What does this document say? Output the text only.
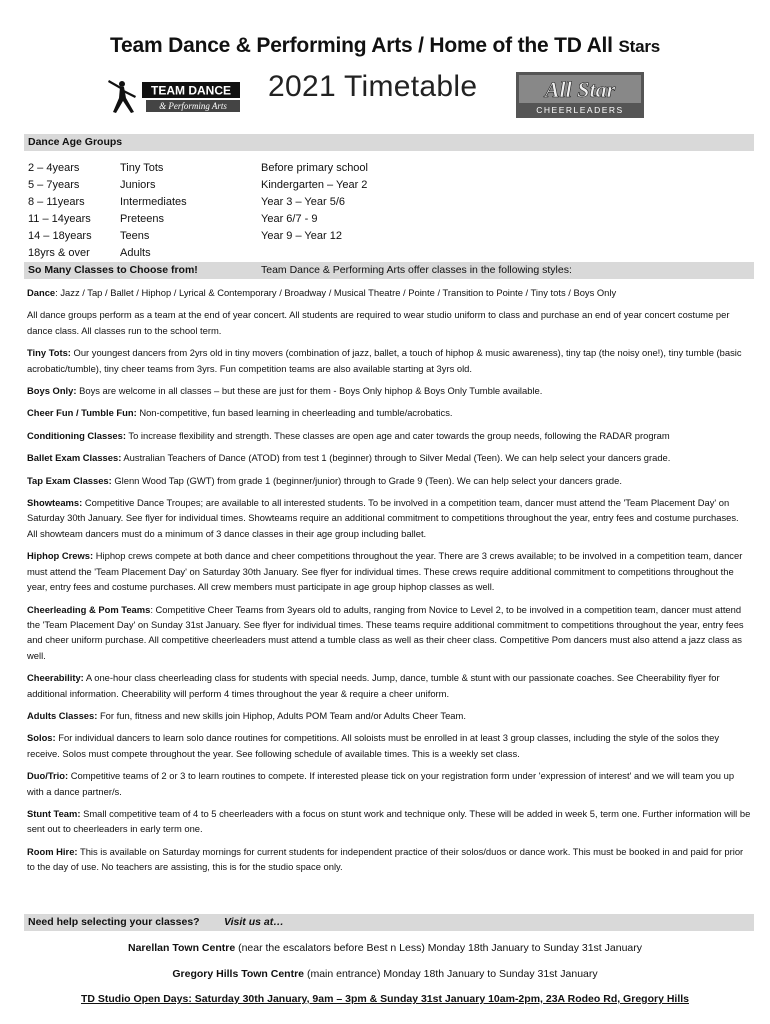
Team Dance & Performing Arts / Home of the TD All Stars
TEAM DANCE
& Performing Arts
2021 Timetable	All Star
CHEERLEADERS
Dance Age Groups
2 – 4years	Tiny Tots	Before primary school
5 – 7years	Juniors	Kindergarten – Year 2
8 – 11years	Intermediates	Year 3 – Year 5/6
11 – 14years	Preteens	Year 6/7 - 9
14 – 18years	Teens	Year 9 – Year 12
18yrs & over	Adults
So Many Classes to Choose from!	Team Dance & Performing Arts offer classes in the following styles:

Dance: Jazz / Tap / Ballet / Hiphop / Lyrical & Contemporary / Broadway / Musical Theatre / Pointe / Transition to Pointe / Tiny tots / Boys Only

All dance groups perform as a team at the end of year concert. All students are required to wear studio uniform to class and purchase an end of year concert costume per dance class. All classes run to the school term.

Tiny Tots: Our youngest dancers from 2yrs old in tiny movers (combination of jazz, ballet, a touch of hiphop & music awareness), tiny tap (the noisy one!), tiny tumble (basic acrobatic/tumble), tiny cheer teams from 3yrs. Fun competition teams are also available starting at 3yrs old.

Boys Only: Boys are welcome in all classes – but these are just for them - Boys Only hiphop & Boys Only Tumble available.

Cheer Fun / Tumble Fun: Non-competitive, fun based learning in cheerleading and tumble/acrobatics.

Conditioning Classes: To increase flexibility and strength. These classes are open age and cater towards the group needs, following the RADAR program

Ballet Exam Classes: Australian Teachers of Dance (ATOD) from test 1 (beginner) through to Silver Medal (Teen). We can help select your dancers grade.

Tap Exam Classes: Glenn Wood Tap (GWT) from grade 1 (beginner/junior) through to Grade 9 (Teen). We can help select your dancers grade.

Showteams: Competitive Dance Troupes; are available to all interested students. To be involved in a competition team, dancer must attend the 'Team Placement Day' on Saturday 30th January. See flyer for individual times. Showteams require an additional commitment to competitions throughout the year, entry fees and costume purchases. All showteam dancers must do a minimum of 3 dance classes in their age group including ballet.

Hiphop Crews: Hiphop crews compete at both dance and cheer competitions throughout the year. There are 3 crews available; to be involved in a competition team, dancer must attend the 'Team Placement Day' on Saturday 30th January. See flyer for individual times. These crews require additional commitment to competitions throughout the year, entry fees and costume purchases. All crew members must participate in age group hiphop classes as well.

Cheerleading & Pom Teams: Competitive Cheer Teams from 3years old to adults, ranging from Novice to Level 2, to be involved in a competition team, dancer must attend the 'Team Placement Day' on Sunday 31st January. See flyer for individual times. These teams require additional commitment to competitions throughout the year, entry fees and cheer uniform purchase. All competitive cheerleaders must attend a tumble class as well as their cheer class. Competitive Pom dancers must also attend a jazz class as well.

Cheerability: A one-hour class cheerleading class for students with special needs. Jump, dance, tumble & stunt with our passionate coaches. See Cheerability flyer for additional information. Cheerability will perform 4 times throughout the year & require a cheer uniform.

Adults Classes: For fun, fitness and new skills join Hiphop, Adults POM Team and/or Adults Cheer Team.

Solos: For individual dancers to learn solo dance routines for competitions. All soloists must be enrolled in at least 3 group classes, including the style of the solos they receive. Solos must compete throughout the year. See following schedule of available times. This is a weekly set class.

Duo/Trio: Competitive teams of 2 or 3 to learn routines to compete. If interested please tick on your registration form under 'expression of interest' and we will team you up with a dance partner/s.

Stunt Team: Small competitive team of 4 to 5 cheerleaders with a focus on stunt work and technique only. These will be added in week 5, term one. Further information will be sent out to cheerleaders in early term one.

Room Hire: This is available on Saturday mornings for current students for independent practice of their solos/duos or dance work. This must be booked in and paid for prior to the day of use. No teachers are assisting, this is for the studio space only.

Need help selecting your classes? Visit us at…
Narellan Town Centre (near the escalators before Best n Less) Monday 18th January to Sunday 31st January
Gregory Hills Town Centre (main entrance) Monday 18th January to Sunday 31st January
TD Studio Open Days: Saturday 30th January, 9am – 3pm & Sunday 31st January 10am-2pm, 23A Rodeo Rd, Gregory Hills
